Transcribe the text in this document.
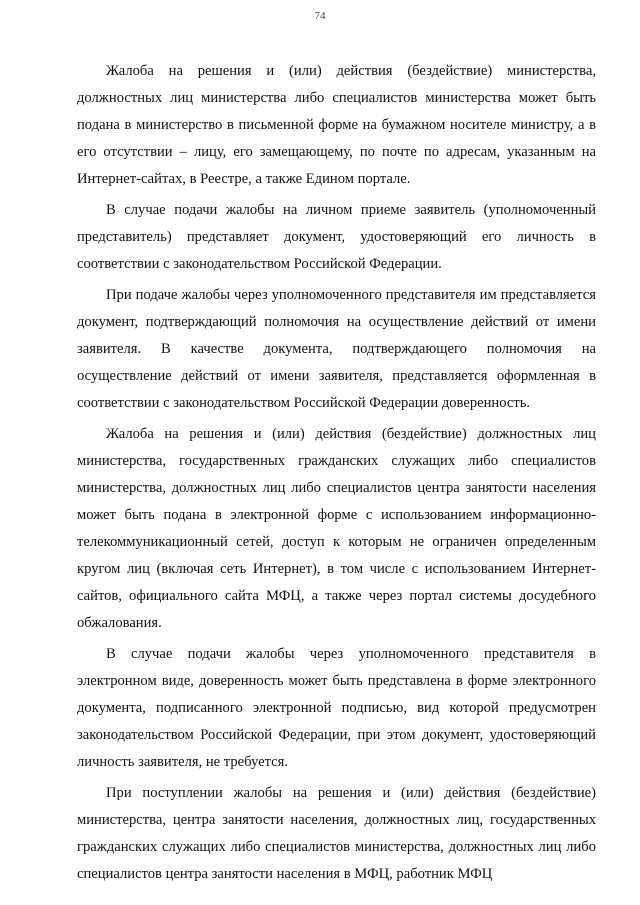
74

Жалоба на решения и (или) действия (бездействие) министерства, должностных лиц министерства либо специалистов министерства может быть подана в министерство в письменной форме на бумажном носителе министру, а в его отсутствии – лицу, его замещающему, по почте по адресам, указанным на Интернет-сайтах, в Реестре, а также Едином портале.

В случае подачи жалобы на личном приеме заявитель (уполномоченный представитель) представляет документ, удостоверяющий его личность в соответствии с законодательством Российской Федерации.

При подаче жалобы через уполномоченного представителя им представляется документ, подтверждающий полномочия на осуществление действий от имени заявителя. В качестве документа, подтверждающего полномочия на осуществление действий от имени заявителя, представляется оформленная в соответствии с законодательством Российской Федерации доверенность.

Жалоба на решения и (или) действия (бездействие) должностных лиц министерства, государственных гражданских служащих либо специалистов министерства, должностных лиц либо специалистов центра занятости населения может быть подана в электронной форме с использованием информационно-телекоммуникационный сетей, доступ к которым не ограничен определенным кругом лиц (включая сеть Интернет), в том числе с использованием Интернет-сайтов, официального сайта МФЦ, а также через портал системы досудебного обжалования.

В случае подачи жалобы через уполномоченного представителя в электронном виде, доверенность может быть представлена в форме электронного документа, подписанного электронной подписью, вид которой предусмотрен законодательством Российской Федерации, при этом документ, удостоверяющий личность заявителя, не требуется.

При поступлении жалобы на решения и (или) действия (бездействие) министерства, центра занятости населения, должностных лиц, государственных гражданских служащих либо специалистов министерства, должностных лиц либо специалистов центра занятости населения в МФЦ, работник МФЦ
